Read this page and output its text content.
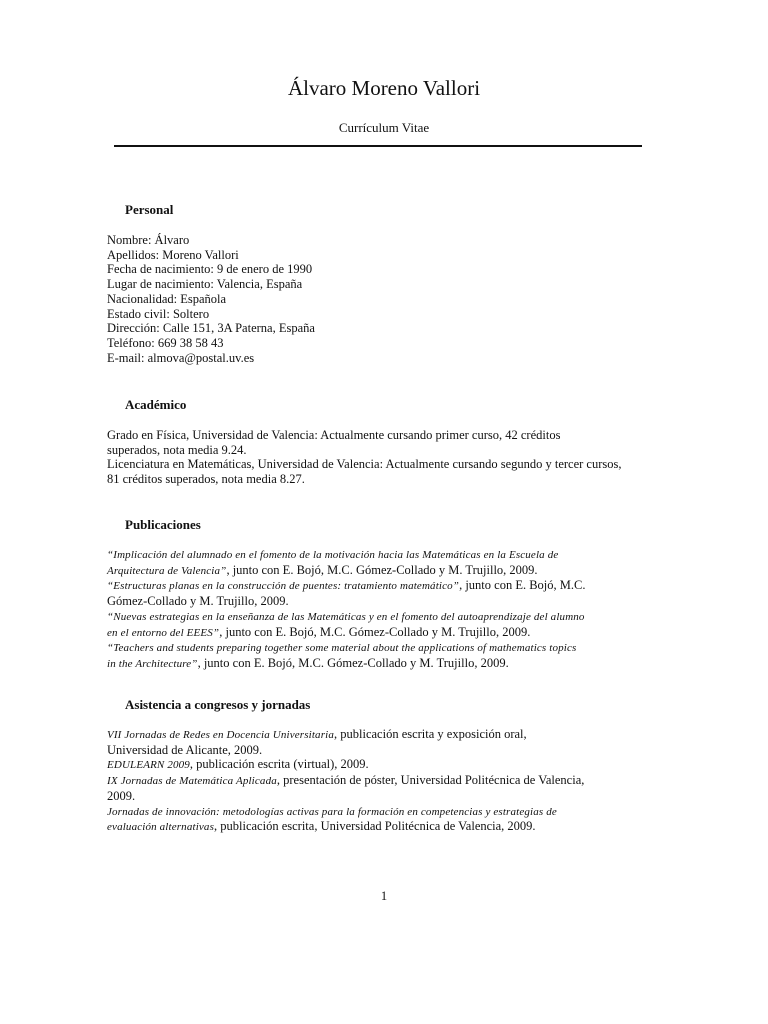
Álvaro Moreno Vallori
Currículum Vitae
Personal
Nombre: Álvaro
Apellidos: Moreno Vallori
Fecha de nacimiento: 9 de enero de 1990
Lugar de nacimiento: Valencia, España
Nacionalidad: Española
Estado civil: Soltero
Dirección: Calle 151, 3A Paterna, España
Teléfono: 669 38 58 43
E-mail: almova@postal.uv.es
Académico
Grado en Física, Universidad de Valencia: Actualmente cursando primer curso, 42 créditos
superados, nota media 9.24.
Licenciatura en Matemáticas, Universidad de Valencia: Actualmente cursando segundo y tercer cursos,
81 créditos superados, nota media 8.27.
Publicaciones
“Implicación del alumnado en el fomento de la motivación hacia las Matemáticas en la Escuela de
Arquitectura de Valencia”, junto con E. Bojó, M.C. Gómez-Collado y M. Trujillo, 2009.
“Estructuras planas en la construcción de puentes: tratamiento matemático”, junto con E. Bojó, M.C.
Gómez-Collado y M. Trujillo, 2009.
“Nuevas estrategias en la enseñanza de las Matemáticas y en el fomento del autoaprendizaje del alumno
en el entorno del EEES”, junto con E. Bojó, M.C. Gómez-Collado y M. Trujillo, 2009.
“Teachers and students preparing together some material about the applications of mathematics topics
in the Architecture”, junto con E. Bojó, M.C. Gómez-Collado y M. Trujillo, 2009.
Asistencia a congresos y jornadas
VII Jornadas de Redes en Docencia Universitaria, publicación escrita y exposición oral,
Universidad de Alicante, 2009.
EDULEARN 2009, publicación escrita (virtual), 2009.
IX Jornadas de Matemática Aplicada, presentación de póster, Universidad Politécnica de Valencia,
2009.
Jornadas de innovación: metodologías activas para la formación en competencias y estrategias de
evaluación alternativas, publicación escrita, Universidad Politécnica de Valencia, 2009.
1
